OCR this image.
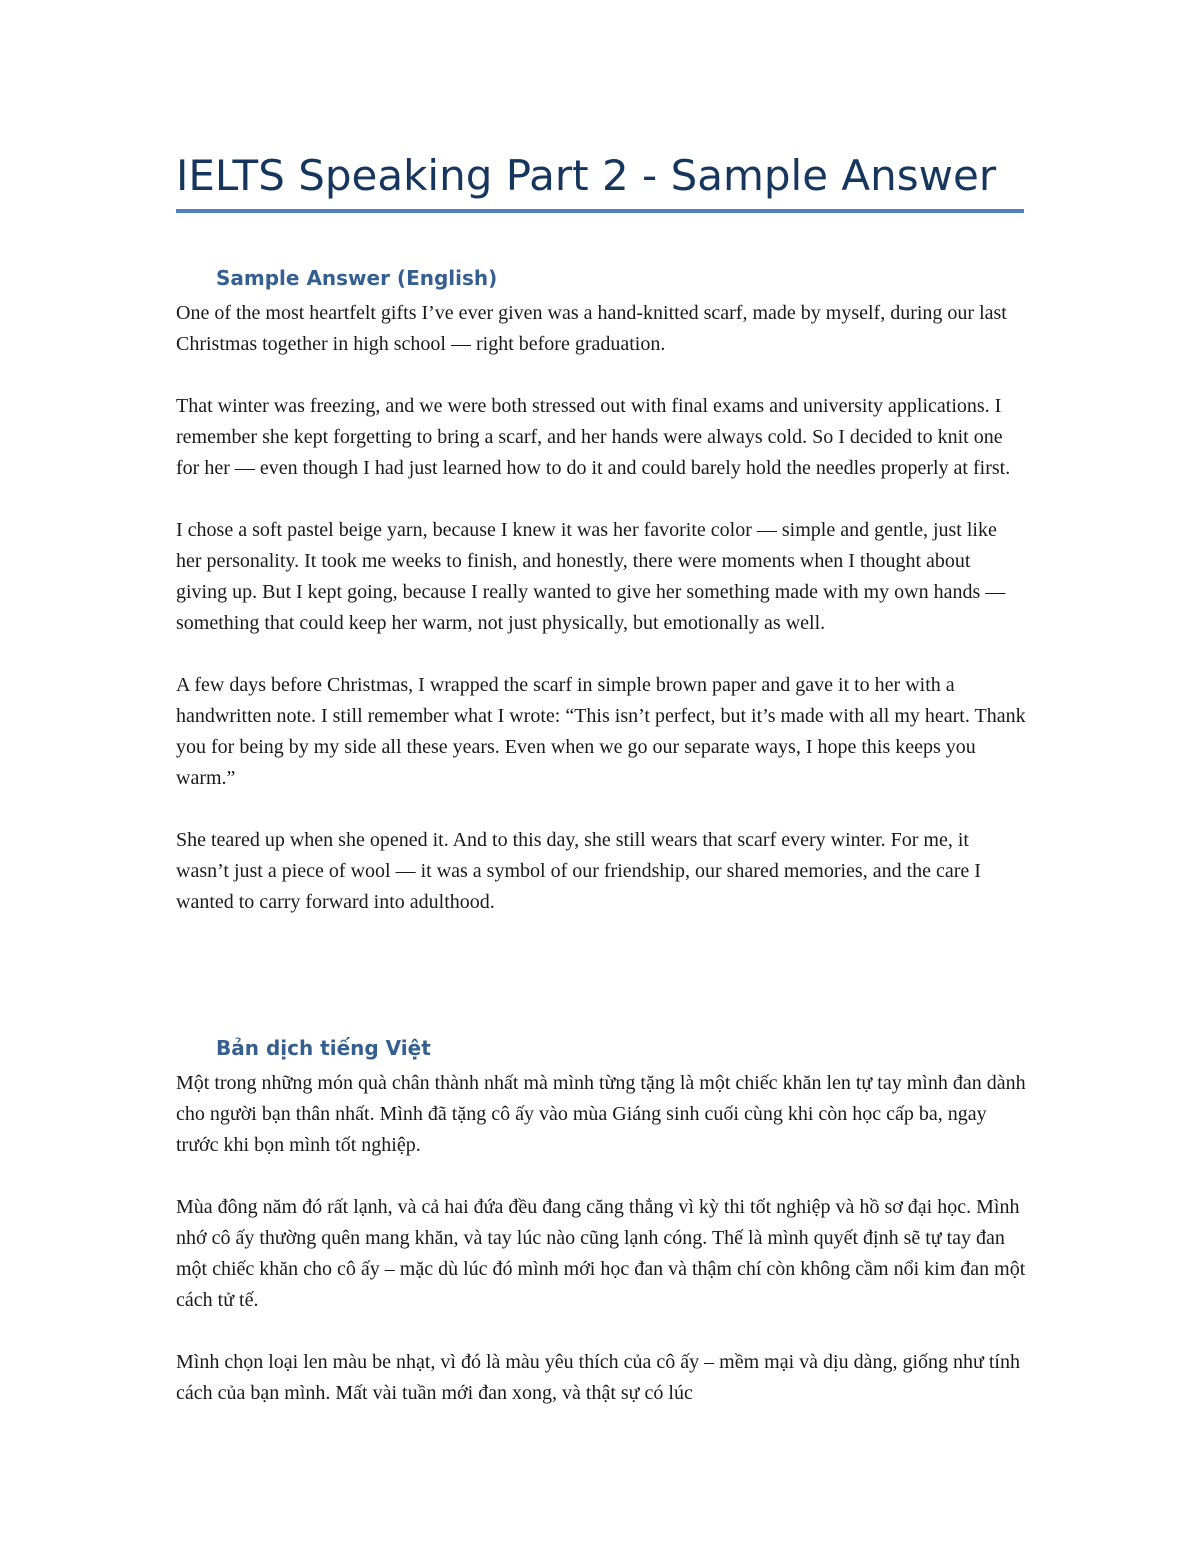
IELTS Speaking Part 2 - Sample Answer
Sample Answer (English)

One of the most heartfelt gifts I’ve ever given was a hand-knitted scarf, made by myself, during our last Christmas together in high school — right before graduation.

That winter was freezing, and we were both stressed out with final exams and university applications. I remember she kept forgetting to bring a scarf, and her hands were always cold. So I decided to knit one for her — even though I had just learned how to do it and could barely hold the needles properly at first.

I chose a soft pastel beige yarn, because I knew it was her favorite color — simple and gentle, just like her personality. It took me weeks to finish, and honestly, there were moments when I thought about giving up. But I kept going, because I really wanted to give her something made with my own hands — something that could keep her warm, not just physically, but emotionally as well.

A few days before Christmas, I wrapped the scarf in simple brown paper and gave it to her with a handwritten note. I still remember what I wrote: “This isn’t perfect, but it’s made with all my heart. Thank you for being by my side all these years. Even when we go our separate ways, I hope this keeps you warm.”

She teared up when she opened it. And to this day, she still wears that scarf every winter. For me, it wasn’t just a piece of wool — it was a symbol of our friendship, our shared memories, and the care I wanted to carry forward into adulthood.

Bản dịch tiếng Việt

Một trong những món quà chân thành nhất mà mình từng tặng là một chiếc khăn len tự tay mình đan dành cho người bạn thân nhất. Mình đã tặng cô ấy vào mùa Giáng sinh cuối cùng khi còn học cấp ba, ngay trước khi bọn mình tốt nghiệp.

Mùa đông năm đó rất lạnh, và cả hai đứa đều đang căng thẳng vì kỳ thi tốt nghiệp và hồ sơ đại học. Mình nhớ cô ấy thường quên mang khăn, và tay lúc nào cũng lạnh cóng. Thế là mình quyết định sẽ tự tay đan một chiếc khăn cho cô ấy – mặc dù lúc đó mình mới học đan và thậm chí còn không cầm nổi kim đan một cách tử tế.

Mình chọn loại len màu be nhạt, vì đó là màu yêu thích của cô ấy – mềm mại và dịu dàng, giống như tính cách của bạn mình. Mất vài tuần mới đan xong, và thật sự có lúc
